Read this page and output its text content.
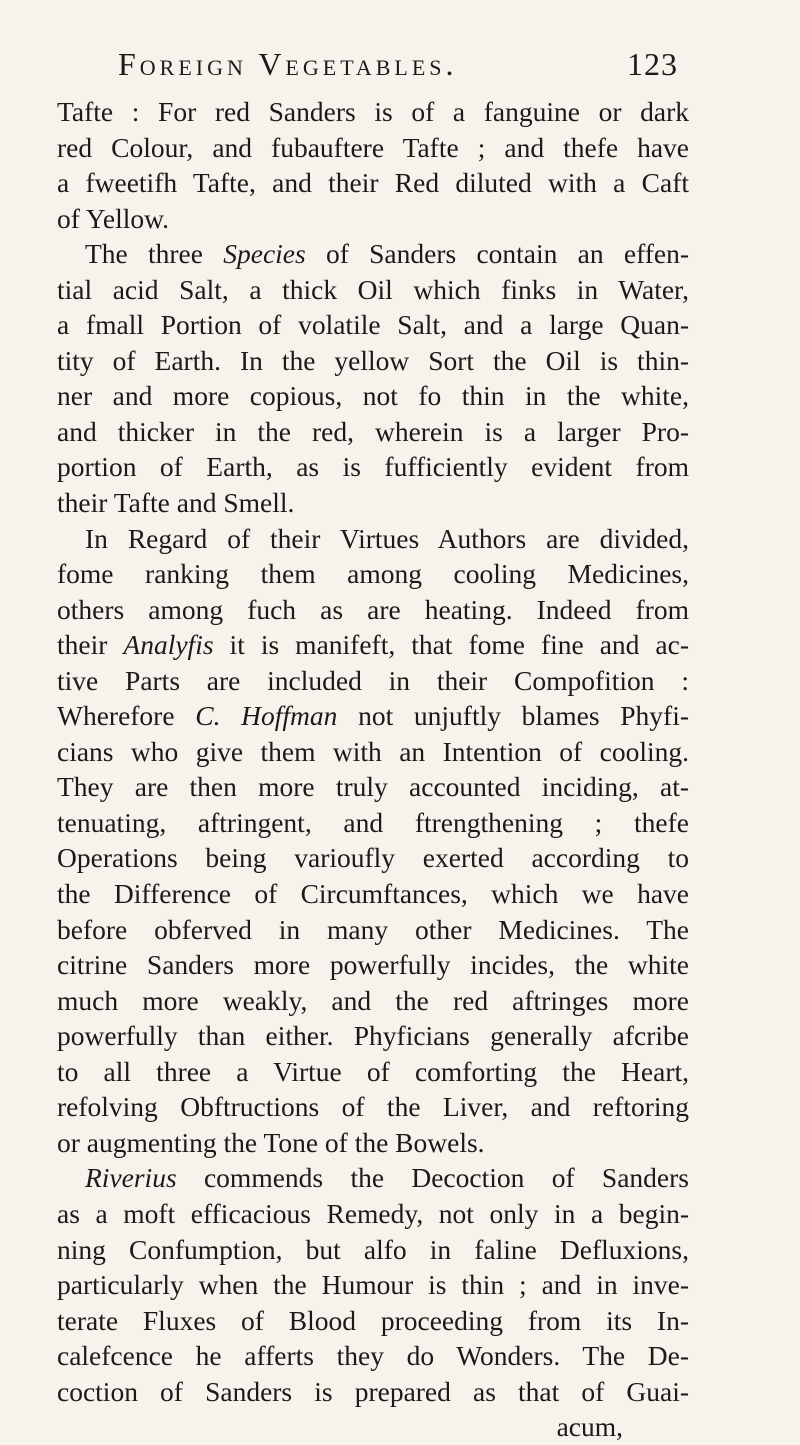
Foreign Vegetables.	123
Tafte : For red Sanders is of a fanguine or dark
red Colour, and fubauftere Tafte ; and thefe have
a fweetifh Tafte, and their Red diluted with a Caft
of Yellow.
The three Species of Sanders contain an effen-
tial acid Salt, a thick Oil which finks in Water,
a fmall Portion of volatile Salt, and a large Quan-
tity of Earth. In the yellow Sort the Oil is thin-
ner and more copious, not fo thin in the white,
and thicker in the red, wherein is a larger Pro-
portion of Earth, as is fufficiently evident from
their Tafte and Smell.
In Regard of their Virtues Authors are divided,
fome ranking them among cooling Medicines,
others among fuch as are heating. Indeed from
their Analyfis it is manifeft, that fome fine and ac-
tive Parts are included in their Compofition :
Wherefore C. Hoffman not unjuftly blames Phyfi-
cians who give them with an Intention of cooling.
They are then more truly accounted inciding, at-
tenuating, aftringent, and ftrengthening ; thefe
Operations being varioufly exerted according to
the Difference of Circumftances, which we have
before obferved in many other Medicines. The
citrine Sanders more powerfully incides, the white
much more weakly, and the red aftringes more
powerfully than either. Phyficians generally afcribe
to all three a Virtue of comforting the Heart,
refolving Obftructions of the Liver, and reftoring
or augmenting the Tone of the Bowels.
Riverius commends the Decoction of Sanders
as a moft efficacious Remedy, not only in a begin-
ning Confumption, but alfo in faline Defluxions,
particularly when the Humour is thin ; and in inve-
terate Fluxes of Blood proceeding from its In-
calefcence he afferts they do Wonders. The De-
coction of Sanders is prepared as that of Guai-
acum,
